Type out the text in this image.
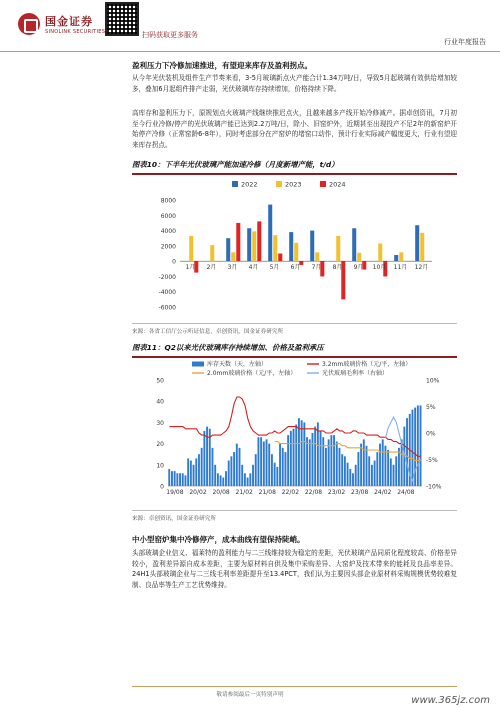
国金证券
SINOLINK SECURITIES	扫码获取更多服务
行业年度报告
盈利压力下冷修加速推进，有望迎来库存及盈利拐点。
从今年光伏装机及组件生产节奏来看，3-5月玻璃新点火产能合计1.34万吨/日，导致5月起玻璃有效供给增加较多，叠加6月起组件排产走弱，光伏玻璃库存持续增加，价格持续下降。
高库存和盈利压力下，原规划点火玻璃产线继续推迟点火，且越来越多产线开始冷修减产。据卓创资讯，7月初至今行业冷修/停产的光伏玻璃产能已达到2.2万吨/日，除小、旧窑炉外，近期甚至出现投产不足2年的新窑炉开始停产冷修（正常窑龄6-8年），同时考虑部分在产窑炉的堵窑口动作，预计行业实际减产幅度更大，行业有望迎来库存拐点。
图表10：下半年光伏玻璃产能加速冷修（月度新增产能，t/d）
2022	2023	2024
-6000
-4000
-2000
0
2000
4000
6000
8000
1月 2月 3月 4月 5月 6月 7月 8月 9月 10月 11月 12月
来源：各省工信厅公示听证信息，卓创资讯，国金证券研究所
图表11：Q2以来光伏玻璃库存持续增加、价格及盈利承压
库存天数（天，左轴）	3.2mm玻璃价格（元/平，左轴）
2.0mm玻璃价格（元/平，左轴）	光伏玻璃毛利率（右轴）
0
10
20
30
40
50
-10%
-5%
0%
5%
10%
19/08 20/02 20/08 21/02 21/08 22/02 22/08 23/02 23/08 24/02 24/08
来源：卓创资讯，国金证券研究所
中小型窑炉集中冷修停产，成本曲线有望保持陡峭。
头部玻璃企业信义、福莱特的盈利能力与二三线维持较为稳定的差距，光伏玻璃产品同质化程度较高、价格差异较小，盈利差异源自成本差距，主要为原材料自供及集中采购差异、大窑炉及技术带来的能耗及良品率差异。24H1头部玻璃企业与二三线毛利率差距提升至13.4PCT，我们认为主要因头部企业原材料采购规模优势较难复制、良品率等生产工艺优势维持。
敬请参阅最后一页特别声明	www.365jz.com
